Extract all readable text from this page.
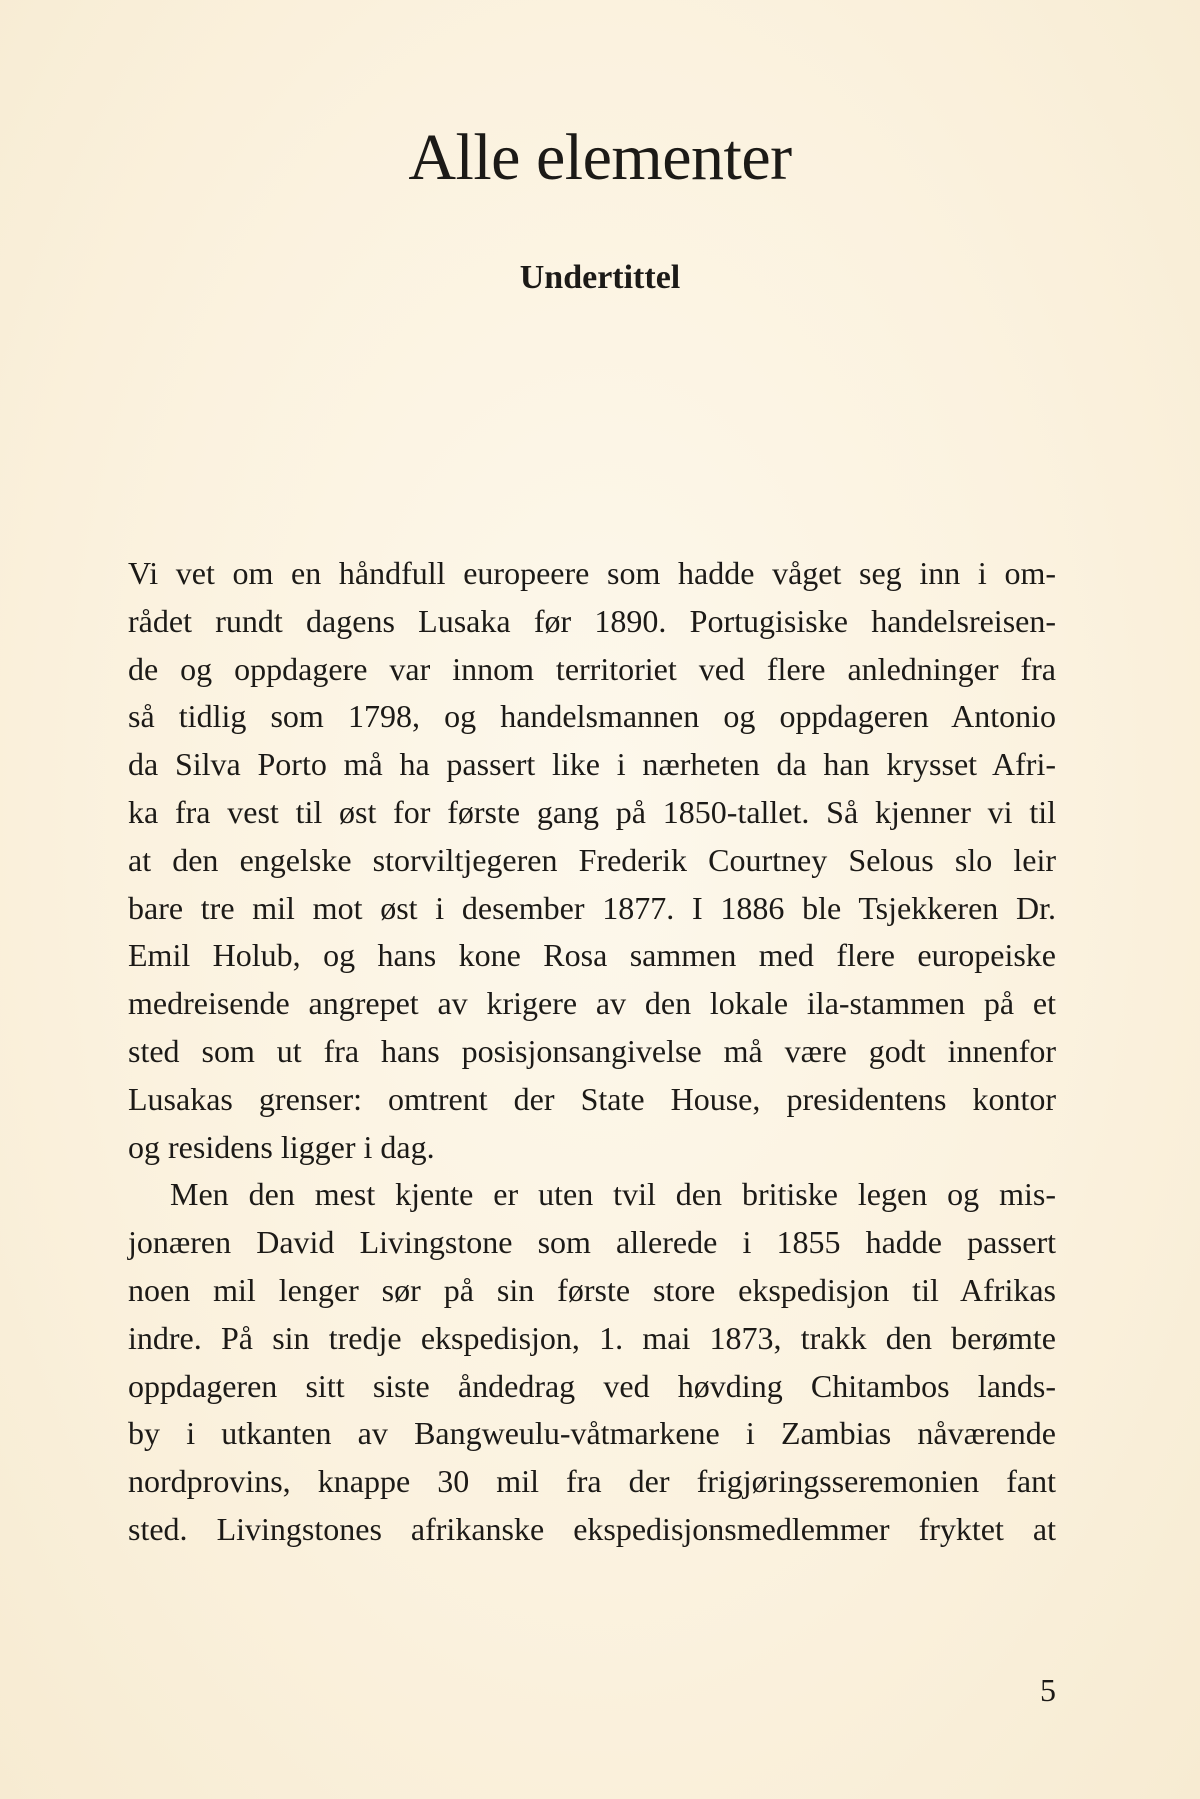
Alle elementer
Undertittel
Vi vet om en håndfull europeere som hadde våget seg inn i om-
rådet rundt dagens Lusaka før 1890. Portugisiske handelsreisen-
de og oppdagere var innom territoriet ved flere anledninger fra
så tidlig som 1798, og handelsmannen og oppdageren Antonio
da Silva Porto må ha passert like i nærheten da han krysset Afri-
ka fra vest til øst for første gang på 1850-tallet. Så kjenner vi til
at den engelske storviltjegeren Frederik Courtney Selous slo leir
bare tre mil mot øst i desember 1877. I 1886 ble Tsjekkeren Dr.
Emil Holub, og hans kone Rosa sammen med flere europeiske
medreisende angrepet av krigere av den lokale ila-stammen på et
sted som ut fra hans posisjonsangivelse må være godt innenfor
Lusakas grenser: omtrent der State House, presidentens kontor
og residens ligger i dag.
Men den mest kjente er uten tvil den britiske legen og mis-
jonæren David Livingstone som allerede i 1855 hadde passert
noen mil lenger sør på sin første store ekspedisjon til Afrikas
indre. På sin tredje ekspedisjon, 1. mai 1873, trakk den berømte
oppdageren sitt siste åndedrag ved høvding Chitambos lands-
by i utkanten av Bangweulu-våtmarkene i Zambias nåværende
nordprovins, knappe 30 mil fra der frigjøringsseremonien fant
sted. Livingstones afrikanske ekspedisjonsmedlemmer fryktet at
5
